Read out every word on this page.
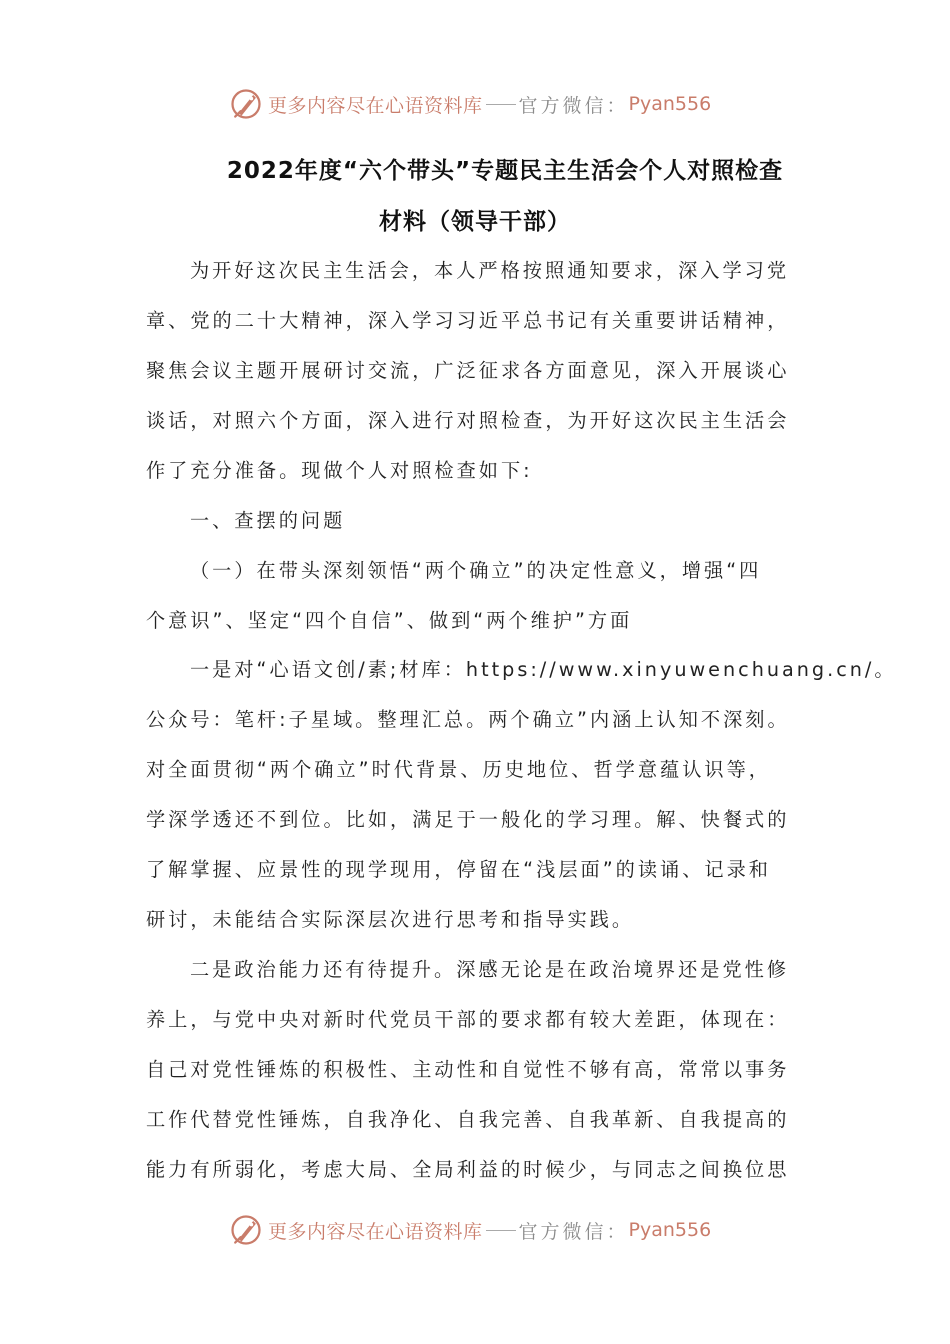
更多内容尽在心语资料库 官方微信： Pyan556
2022年度“六个带头”专题民主生活会个人对照检查
材料（领导干部）
为开好这次民主生活会，本人严格按照通知要求，深入学习党
章、党的二十大精神，深入学习习近平总书记有关重要讲话精神，
聚焦会议主题开展研讨交流，广泛征求各方面意见，深入开展谈心
谈话，对照六个方面，深入进行对照检查，为开好这次民主生活会
作了充分准备。现做个人对照检查如下:
一、查摆的问题
（一）在带头深刻领悟“两个确立”的决定性意义，增强“四
个意识”、坚定“四个自信”、做到“两个维护”方面
一是对“心语文创/素;材库：https://www.xinyuwenchuang.cn/。
公众号：笔杆:子星域。整理汇总。两个确立”内涵上认知不深刻。
对全面贯彻“两个确立”时代背景、历史地位、哲学意蕴认识等，
学深学透还不到位。比如，满足于一般化的学习理。解、快餐式的
了解掌握、应景性的现学现用，停留在“浅层面”的读诵、记录和
研讨，未能结合实际深层次进行思考和指导实践。
二是政治能力还有待提升。深感无论是在政治境界还是党性修
养上，与党中央对新时代党员干部的要求都有较大差距，体现在：
自己对党性锤炼的积极性、主动性和自觉性不够有高，常常以事务
工作代替党性锤炼，自我净化、自我完善、自我革新、自我提高的
能力有所弱化，考虑大局、全局利益的时候少，与同志之间换位思
更多内容尽在心语资料库 官方微信： Pyan556
